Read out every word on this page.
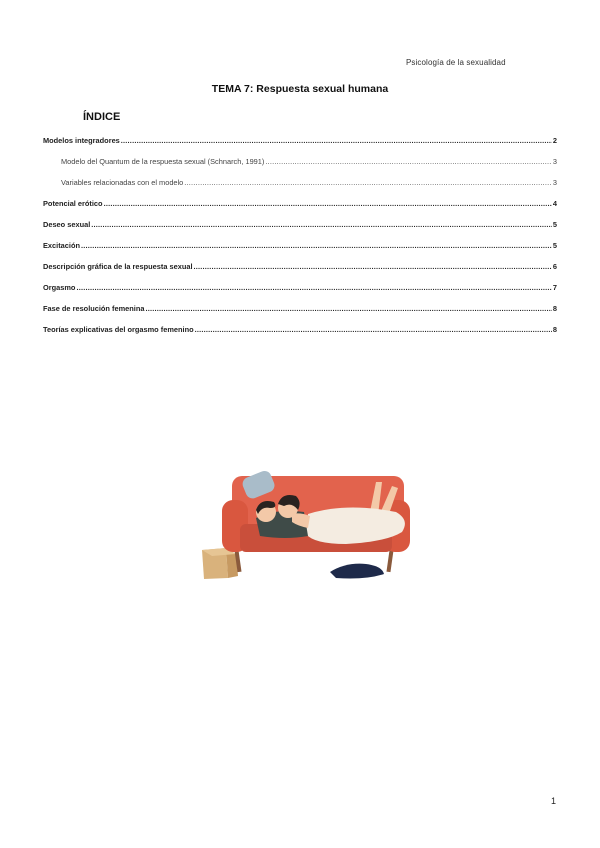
Psicología de la sexualidad
TEMA 7: Respuesta sexual humana
ÍNDICE
Modelos integradores .....	2
Modelo del Quantum de la respuesta sexual (Schnarch, 1991) .....	3
Variables relacionadas con el modelo .....	3
Potencial erótico .....	4
Deseo sexual .....	5
Excitación .....	5
Descripción gráfica de la respuesta sexual .....	6
Orgasmo .....	7
Fase de resolución femenina .....	8
Teorías explicativas del orgasmo femenino .....	8
1
